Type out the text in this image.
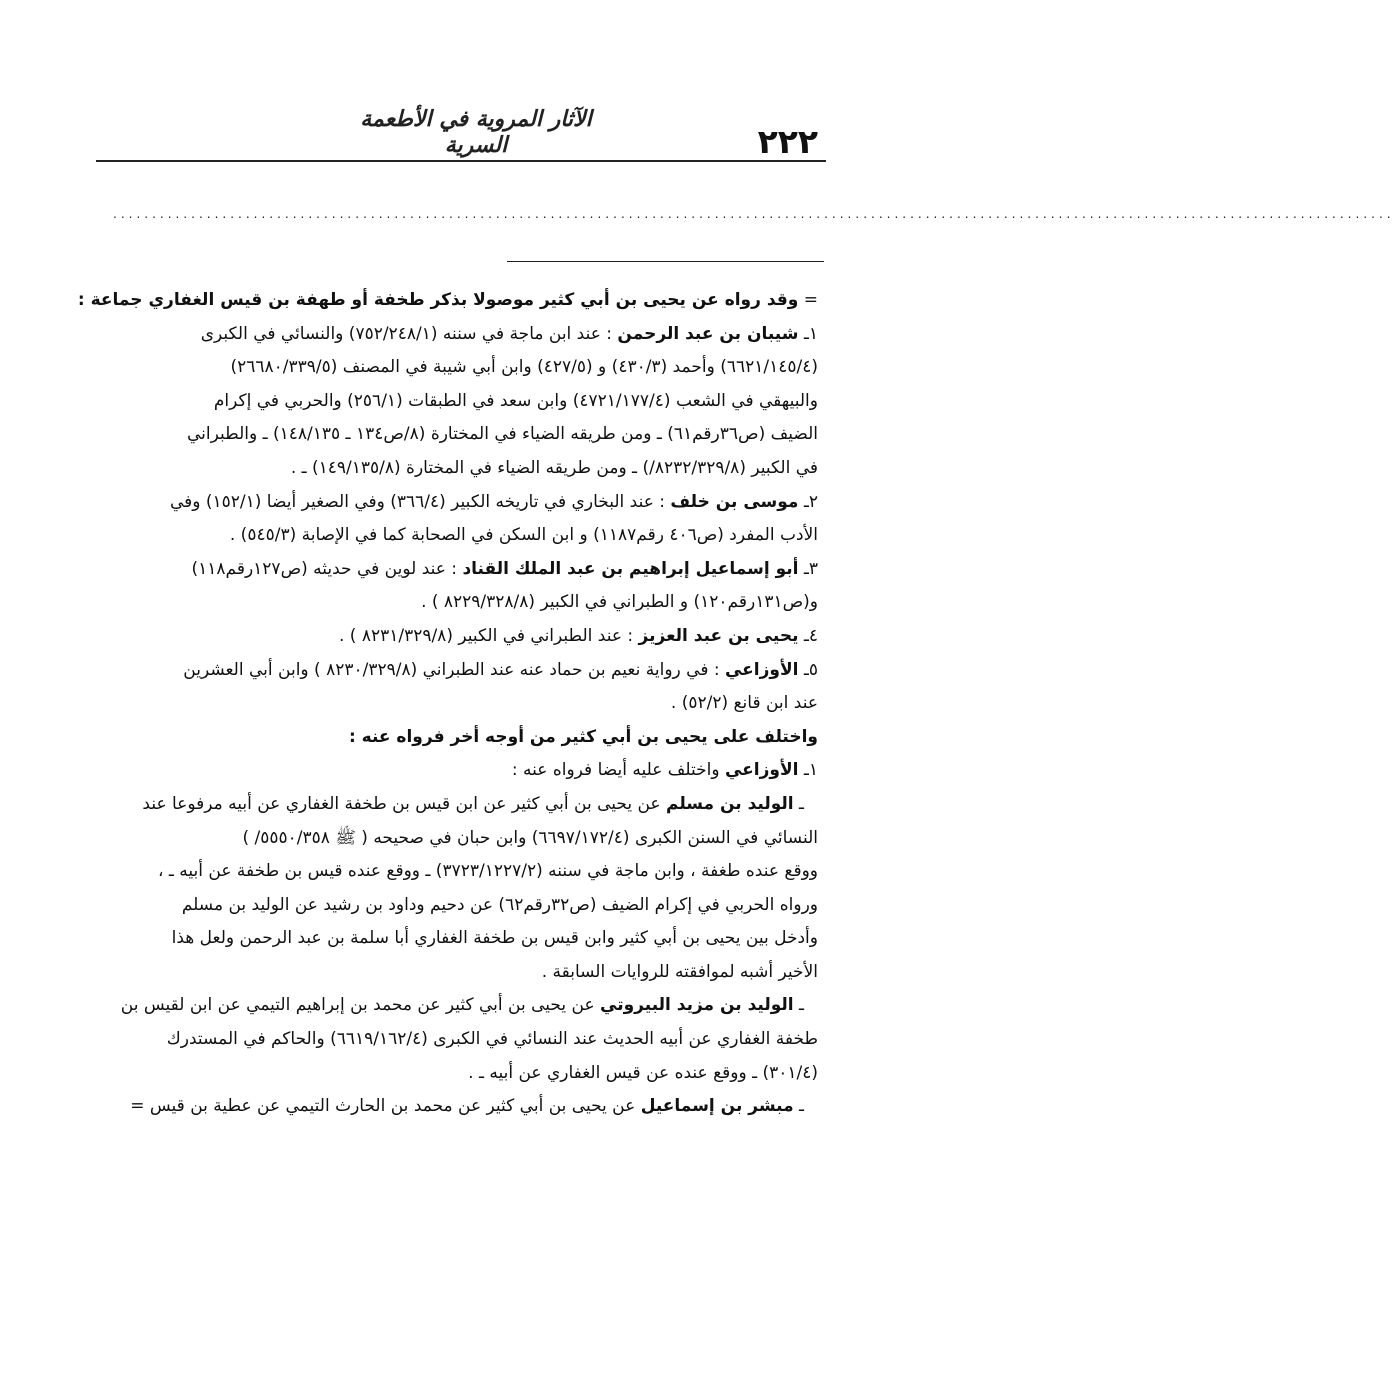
٢٢٢
الآثار المروية في الأطعمة السرية
....................................................................................................................................................................

= وقد رواه عن يحيى بن أبي كثير موصولا بذكر طخفة أو طهفة بن قيس الغفاري جماعة :

١ـ شيبان بن عبد الرحمن : عند ابن ماجة في سننه (٧٥٢/٢٤٨/١) والنسائي في الكبرى

(٦٦٢١/١٤٥/٤) وأحمد (٤٣٠/٣) و (٤٢٧/٥) وابن أبي شيبة في المصنف (٢٦٦٨٠/٣٣٩/٥)

والبيهقي في الشعب (٤٧٢١/١٧٧/٤) وابن سعد في الطبقات (٢٥٦/١) والحربي في إكرام

الضيف (ص٣٦رقم٦١) ـ ومن طريقه الضياء في المختارة (٨/ص١٣٤ ـ ١٤٨/١٣٥) ـ والطبراني

في الكبير (٨٢٣٢/٣٢٩/٨/) ـ ومن طريقه الضياء في المختارة (١٤٩/١٣٥/٨) ـ .

٢ـ موسى بن خلف : عند البخاري في تاريخه الكبير (٣٦٦/٤) وفي الصغير أيضا (١٥٢/١) وفي

الأدب المفرد (ص٤٠٦ رقم١١٨٧) و ابن السكن في الصحابة كما في الإصابة (٥٤٥/٣) .

٣ـ أبو إسماعيل إبراهيم بن عبد الملك القناد : عند لوين في حديثه (ص١٢٧رقم١١٨)

و(ص١٣١رقم١٢٠) و الطبراني في الكبير (٨٢٢٩/٣٢٨/٨ ) .

٤ـ يحيى بن عبد العزيز : عند الطبراني في الكبير (٨٢٣١/٣٢٩/٨ ) .

٥ـ الأوزاعي : في رواية نعيم بن حماد عنه عند الطبراني (٨٢٣٠/٣٢٩/٨ ) وابن أبي العشرين

عند ابن قانع (٥٢/٢) .

واختلف على يحيى بن أبي كثير من أوجه أخر فرواه عنه :

١ـ الأوزاعي واختلف عليه أيضا فرواه عنه :

ـ الوليد بن مسلم عن يحيى بن أبي كثير عن ابن قيس بن طخفة الغفاري عن أبيه مرفوعا عند

النسائي في السنن الكبرى (٦٦٩٧/١٧٢/٤) وابن حبان في صحيحه ( ﷺ ٥٥٥٠/٣٥٨/ )

ووقع عنده طغفة ، وابن ماجة في سننه (٣٧٢٣/١٢٢٧/٢) ـ ووقع عنده قيس بن طخفة عن أبيه ـ ،

ورواه الحربي في إكرام الضيف (ص٣٢رقم٦٢) عن دحيم وداود بن رشيد عن الوليد بن مسلم

وأدخل بين يحيى بن أبي كثير وابن قيس بن طخفة الغفاري أبا سلمة بن عبد الرحمن ولعل هذا

الأخير أشبه لموافقته للروايات السابقة .

ـ الوليد بن مزيد البيروتي عن يحيى بن أبي كثير عن محمد بن إبراهيم التيمي عن ابن لقيس بن

طخفة الغفاري عن أبيه الحديث عند النسائي في الكبرى (٦٦١٩/١٦٢/٤) والحاكم في المستدرك

(٣٠١/٤) ـ ووقع عنده عن قيس الغفاري عن أبيه ـ .

ـ مبشر بن إسماعيل عن يحيى بن أبي كثير عن محمد بن الحارث التيمي عن عطية بن قيس =
